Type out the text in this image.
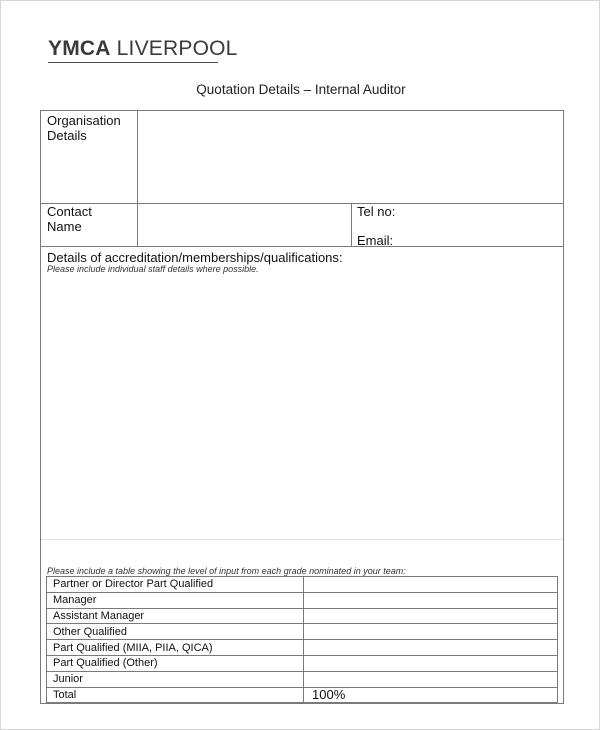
YMCA LIVERPOOL
Quotation Details – Internal Auditor
Organisation
Details
Contact
Name
Tel no:
Email:
Details of accreditation/memberships/qualifications:
Please include individual staff details where possible.
Please include a table showing the level of input from each grade nominated in your team:
Partner or Director Part Qualified	
Manager	
Assistant Manager	
Other Qualified	
Part Qualified (MIIA, PIIA, QICA)	
Part Qualified (Other)	
Junior	
Total	100%
